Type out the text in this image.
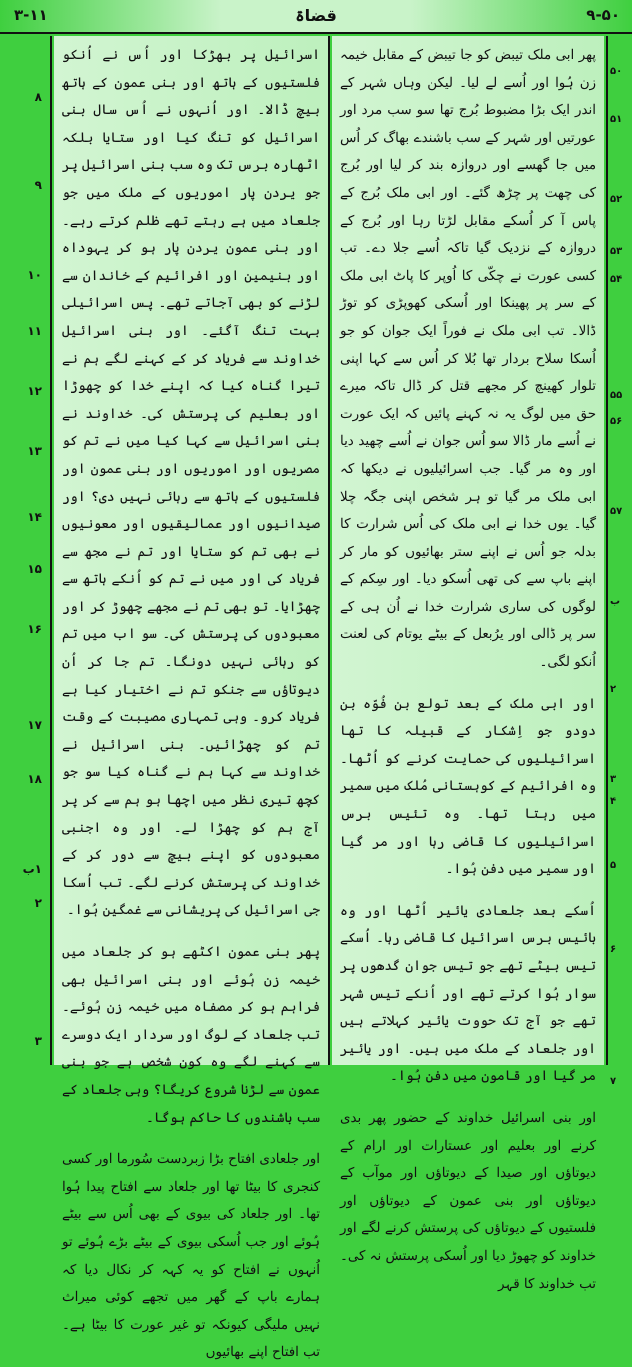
۳-۱۱	قضاۃ	۹-۵۰
۸
۹
۱۰
۱۱
۱۲
۱۳
۱۴
۱۵
۱۶
۱۷
۱۸
۱ب
۲
۳

اسرائیل پر بھڑکا اور اُس نے اُنکو فلستیوں کے ہاتھ اور بنی عمون کے ہاتھ بیچ ڈالا۔ اور اُنہوں نے اُس سال بنی اسرائیل کو تنگ کیا اور ستایا بلکہ اٹھارہ برس تک وہ سب بنی اسرائیل پر جو یردن پار اموریوں کے ملک میں جو جلعاد میں ہے رہتے تھے ظلم کرتے رہے۔ اور بنی عمون یردن پار ہو کر یہوداہ اور بنیمین اور افرائیم کے خاندان سے لڑنے کو بھی آجاتے تھے۔ پس اسرائیلی بہت تنگ آگئے۔ اور بنی اسرائیل خداوند سے فریاد کر کے کہنے لگے ہم نے تیرا گناہ کیا کہ اپنے خدا کو چھوڑا اور بعلیم کی پرستش کی۔ خداوند نے بنی اسرائیل سے کہا کیا میں نے تم کو مصریوں اور اموریوں اور بنی عمون اور فلستیوں کے ہاتھ سے رہائی نہیں دی؟ اور صیدانیوں اور عمالیقیوں اور معونیوں نے بھی تم کو ستایا اور تم نے مجھ سے فریاد کی اور میں نے تم کو اُنکے ہاتھ سے چھڑایا۔ تو بھی تم نے مجھے چھوڑ کر اور معبودوں کی پرستش کی۔ سو اب میں تم کو رہائی نہیں دونگا۔ تم جا کر اُن دیوتاؤں سے جنکو تم نے اختیار کیا ہے فریاد کرو۔ وہی تمہاری مصیبت کے وقت تم کو چھڑائیں۔ بنی اسرائیل نے خداوند سے کہا ہم نے گناہ کیا سو جو کچھ تیری نظر میں اچھا ہو ہم سے کر پر آج ہم کو چھڑا لے۔ اور وہ اجنبی معبودوں کو اپنے بیچ سے دور کر کے خداوند کی پرستش کرنے لگے۔ تب اُسکا جی اسرائیل کی پریشانی سے غمگین ہُوا۔

پھر بنی عمون اکٹھے ہو کر جلعاد میں خیمہ زن ہُوئے اور بنی اسرائیل بھی فراہم ہو کر مصفاہ میں خیمہ زن ہُوئے۔ تب جلعاد کے لوگ اور سردار ایک دوسرے سے کہنے لگے وہ کون شخص ہے جو بنی عمون سے لڑنا شروع کریگا؟ وہی جلعاد کے سب باشندوں کا حاکم ہوگا۔

اور جلعادی افتاح بڑا زبردست سُورما اور کسی کنجری کا بیٹا تھا اور جلعاد سے افتاح پیدا ہُوا تھا۔ اور جلعاد کی بیوی کے بھی اُس سے بیٹے ہُوئے اور جب اُسکی بیوی کے بیٹے بڑے ہُوئے تو اُنہوں نے افتاح کو یہ کہہ کر نکال دیا کہ ہمارے باپ کے گھر میں تجھے کوئی میراث نہیں ملیگی کیونکہ تو غیر عورت کا بیٹا ہے۔ تب افتاح اپنے بھائیوں

پھر ابی ملک تیبض کو جا تیبض کے مقابل خیمہ زن ہُوا اور اُسے لے لیا۔ لیکن وہاں شہر کے اندر ایک بڑا مضبوط بُرج تھا سو سب مرد اور عورتیں اور شہر کے سب باشندے بھاگ کر اُس میں جا گھسے اور دروازہ بند کر لیا اور بُرج کی چھت پر چڑھ گئے۔ اور ابی ملک بُرج کے پاس آ کر اُسکے مقابل لڑتا رہا اور بُرج کے دروازہ کے نزدیک گیا تاکہ اُسے جلا دے۔ تب کسی عورت نے چکّی کا اُوپر کا پاٹ ابی ملک کے سر پر پھینکا اور اُسکی کھوپڑی کو توڑ ڈالا۔ تب ابی ملک نے فوراً ایک جوان کو جو اُسکا سلاح بردار تھا بُلا کر اُس سے کہا اپنی تلوار کھینچ کر مجھے قتل کر ڈال تاکہ میرے حق میں لوگ یہ نہ کہنے پائیں کہ ایک عورت نے اُسے مار ڈالا سو اُس جوان نے اُسے چھید دیا اور وہ مر گیا۔ جب اسرائیلیوں نے دیکھا کہ ابی ملک مر گیا تو ہر شخص اپنی جگہ چلا گیا۔ یوں خدا نے ابی ملک کی اُس شرارت کا بدلہ جو اُس نے اپنے ستر بھائیوں کو مار کر اپنے باپ سے کی تھی اُسکو دیا۔ اور سِکم کے لوگوں کی ساری شرارت خدا نے اُن ہی کے سر پر ڈالی اور یرُبعل کے بیٹے یوتام کی لعنت اُنکو لگی۔

اور ابی ملک کے بعد تولع بن فُوّہ بن دودو جو اِشکار کے قبیلہ کا تھا اسرائیلیوں کی حمایت کرنے کو اُٹھا۔ وہ افرائیم کے کوہستانی مُلک میں سمیر میں رہتا تھا۔ وہ تئیس برس اسرائیلیوں کا قاضی رہا اور مر گیا اور سمیر میں دفن ہُوا۔

اُسکے بعد جلعادی یائیر اُٹھا اور وہ بائیس برس اسرائیل کا قاضی رہا۔ اُسکے تیس بیٹے تھے جو تیس جوان گدھوں پر سوار ہُوا کرتے تھے اور اُنکے تیس شہر تھے جو آج تک حووت یائیر کہلاتے ہیں اور جلعاد کے ملک میں ہیں۔ اور یائیر مر گیا اور قامون میں دفن ہُوا۔

اور بنی اسرائیل خداوند کے حضور پھر بدی کرنے اور بعلیم اور عستارات اور ارام کے دیوتاؤں اور صیدا کے دیوتاؤں اور موآب کے دیوتاؤں اور بنی عمون کے دیوتاؤں اور فلستیوں کے دیوتاؤں کی پرستش کرنے لگے اور خداوند کو چھوڑ دیا اور اُسکی پرستش نہ کی۔ تب خداوند کا قہر

۵۰
۵۱
۵۲
۵۳
۵۴
۵۵
۵۶
۵۷
ب
۲
۳
۴
۵
۶
۷
